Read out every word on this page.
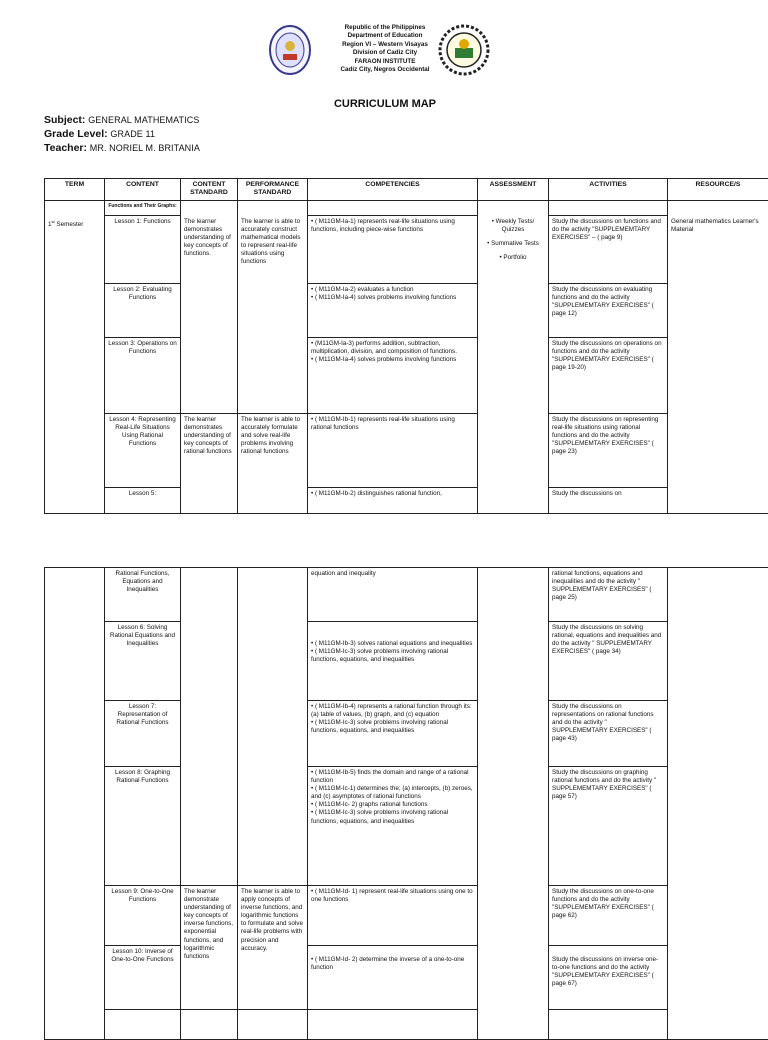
Republic of the Philippines
Department of Education
Region VI – Western Visayas
Division of Cadiz City
FARAON INSTITUTE
Cadiz City, Negros Occidental
CURRICULUM MAP
Subject: GENERAL MATHEMATICS
Grade Level: GRADE 11
Teacher: MR. NORIEL M. BRITANIA
TERM	CONTENT	CONTENT STANDARD	PERFORMANCE STANDARD	COMPETENCIES	ASSESSMENT	ACTIVITIES	RESOURCE/S
	Functions and Their Graphs:						
1st Semester	Lesson 1: Functions	The learner demonstrates understanding of key concepts of functions.	The learner is able to accurately construct mathematical models to represent real-life situations using functions	• ( M11GM-Ia-1) represents real-life situations using functions, including piece-wise functions	• Weekly Tests/ Quizzes
• Summative Tests
• Portfolio	Study the discussions on functions and do the activity "SUPPLEMEMTARY EXERCISES" – ( page 9)	General mathematics Learner's Material
	Lesson 2: Evaluating Functions			• ( M11GM-Ia-2) evaluates a function
• ( M11GM-Ia-4) solves problems involving functions		Study the discussions on evaluating functions and do the activity "SUPPLEMEMTARY EXERCISES" ( page 12)	
	Lesson 3: Operations on Functions			• (M11GM-Ia-3) performs addition, subtraction, multiplication, division, and composition of functions.
• ( M11GM-Ia-4) solves problems involving functions		Study the discussions on operations on functions and do the activity "SUPPLEMEMTARY EXERCISES" ( page 19-20)	
	Lesson 4: Representing Real-Life Situations Using Rational Functions	The learner demonstrates understanding of key concepts of rational functions	The learner is able to accurately formulate and solve real-life problems involving rational functions	• ( M11GM-Ib-1) represents real-life situations using rational functions		Study the discussions on representing real-life situations using rational functions and do the activity "SUPPLEMEMTARY EXERCISES" ( page 23)	
	Lesson 5:			• ( M11GM-Ib-2) distinguishes rational function,		Study the discussions on	
	Rational Functions, Equations and Inequalities			equation and inequality		rational functions, equations and inequalities and do the activity " SUPPLEMEMTARY EXERCISES" ( page 25)	
	Lesson 6: Solving Rational Equations and Inequalities			• ( M11GM-Ib-3) solves rational equations and inequalities
• ( M11GM-Ic-3) solve problems involving rational functions, equations, and inequalities		Study the discussions on solving rational, equations and inequalities and do the activity " SUPPLEMEMTARY EXERCISES" ( page 34)	
	Lesson 7: Representation of Rational Functions			• ( M11GM-Ib-4) represents a rational function through its: (a) table of values, (b) graph, and (c) equation
• ( M11GM-Ic-3) solve problems involving rational functions, equations, and inequalities		Study the discussions on representations on rational functions and do the activity " SUPPLEMEMTARY EXERCISES" ( page 43)	
	Lesson 8: Graphing Rational Functions			• ( M11GM-Ib-5) finds the domain and range of a rational function
• ( M11GM-Ic-1) determines the; (a) intercepts, (b) zeroes, and (c) asymptotes of rational functions
• ( M11GM-Ic- 2) graphs rational functions
• ( M11GM-Ic-3) solve problems involving rational functions, equations, and inequalities		Study the discussions on graphing rational functions and do the activity " SUPPLEMEMTARY EXERCISES" ( page 57)	
	Lesson 9: One-to-One Functions	The learner demonstrate understanding of key concepts of inverse functions, exponential functions, and logarithmic functions	The learner is able to apply concepts of inverse functions, and logarithmic functions to formulate and solve real-life problems with precision and accuracy.	• ( M11GM-Id- 1) represent real-life situations using one to one functions		Study the discussions on one-to-one functions and do the activity "SUPPLEMEMTARY EXERCISES" ( page 62)	
	Lesson 10: Inverse of One-to-One Functions			• ( M11GM-Id- 2) determine the inverse of a one-to-one function		Study the discussions on inverse one-to-one functions and do the activity "SUPPLEMEMTARY EXERCISES" ( page 67)	
